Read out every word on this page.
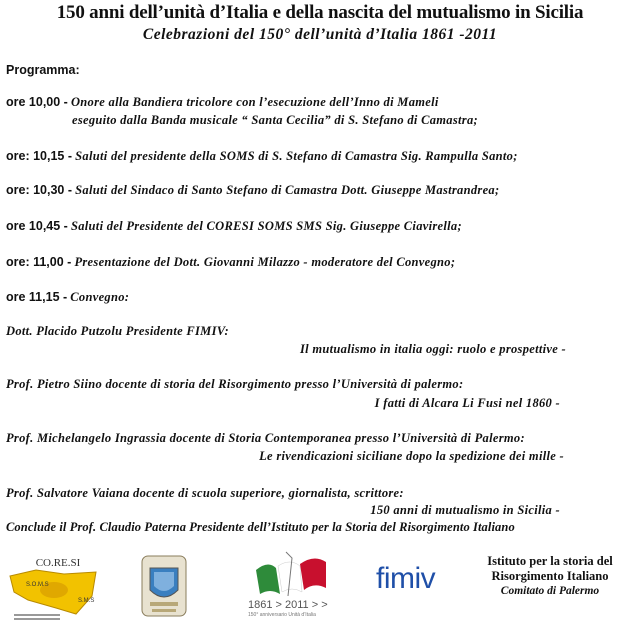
150 anni dell’unità d’Italia e della nascita del mutualismo in Sicilia
Celebrazioni del 150° dell’unità d’Italia 1861 -2011
Programma:
ore 10,00 - Onore alla Bandiera tricolore con l’esecuzione dell’Inno di Mameli
eseguito dalla Banda musicale “ Santa Cecilia” di S. Stefano di Camastra;
ore: 10,15 - Saluti del presidente della SOMS di S. Stefano di Camastra Sig. Rampulla Santo;
ore: 10,30 - Saluti del Sindaco di Santo Stefano di Camastra Dott. Giuseppe Mastrandrea;
ore 10,45 - Saluti del Presidente del CORESI SOMS SMS Sig. Giuseppe Ciavirella;
ore: 11,00 - Presentazione del Dott. Giovanni Milazzo - moderatore del Convegno;
ore 11,15 - Convegno:
Dott. Placido Putzolu Presidente FIMIV:
Il mutualismo in italia oggi: ruolo e prospettive -
Prof. Pietro Siino docente di storia del Risorgimento presso l’Università di palermo:
I fatti di Alcara Li Fusi nel 1860 -
Prof. Michelangelo Ingrassia docente di Storia Contemporanea presso l’Università di Palermo:
Le rivendicazioni siciliane dopo la spedizione dei mille -
Prof. Salvatore Vaiana docente di scuola superiore, giornalista, scrittore:
150 anni di mutualismo in Sicilia -
Conclude il Prof. Claudio Paterna Presidente dell’Istituto per la Storia del Risorgimento Italiano
CO.RE.SI
S.O.M.S
S.M.S	1861 > 2011 > >
150° anniversario Unità d’Italia
fimiv
Istituto per la storia del
Risorgimento Italiano
Comitato di Palermo
